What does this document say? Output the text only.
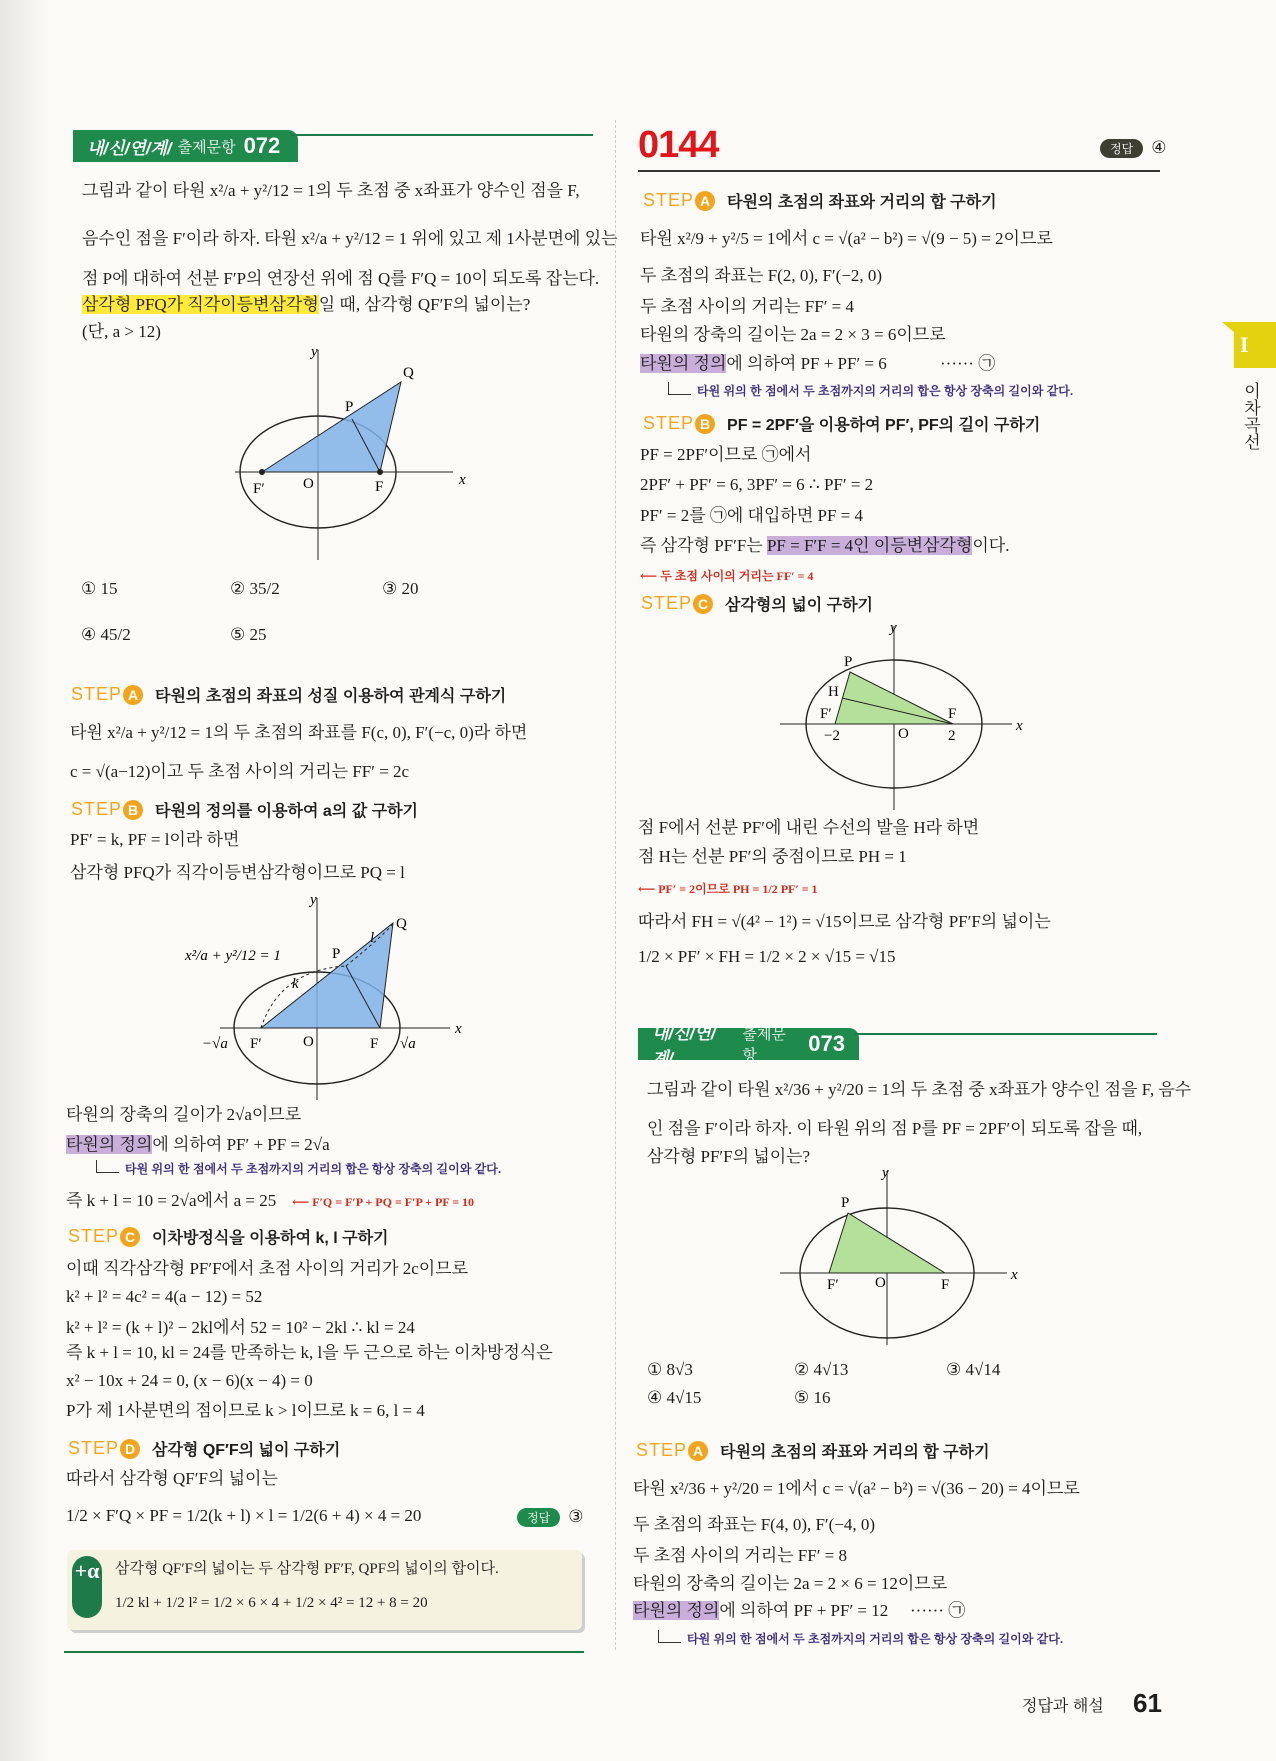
내/신/연/계/ 출제문항 072
그림과 같이 타원 x²/a + y²/12 = 1의 두 초점 중 x좌표가 양수인 점을 F,
음수인 점을 F′이라 하자. 타원 x²/a + y²/12 = 1 위에 있고 제 1사분면에 있는
점 P에 대하여 선분 F′P의 연장선 위에 점 Q를 F′Q = 10이 되도록 잡는다.
삼각형 PFQ가 직각이등변삼각형일 때, 삼각형 QF′F의 넓이는?
(단, a > 12)
y
x
P
Q
F
F′	O
① 15	② 35/2	③ 20
④ 45/2	⑤ 25
STEP A	타원의 초점의 좌표의 성질 이용하여 관계식 구하기
타원 x²/a + y²/12 = 1의 두 초점의 좌표를 F(c, 0), F′(−c, 0)라 하면
c = √(a−12)이고 두 초점 사이의 거리는 FF′ = 2c
STEP B	타원의 정의를 이용하여 a의 값 구하기
PF′ = k, PF = l이라 하면
삼각형 PFQ가 직각이등변삼각형이므로 PQ = l
x²/a + y²/12 = 1
y
x
P
Q
F
F′	O
k
l
−√a	√a
타원의 장축의 길이가 2√a이므로
타원의 정의에 의하여 PF′ + PF = 2√a
타원 위의 한 점에서 두 초점까지의 거리의 합은 항상 장축의 길이와 같다.
즉 k + l = 10 = 2√a에서 a = 25 ⟵ F′Q = F′P + PQ = F′P + PF = 10
STEP C	이차방정식을 이용하여 k, l 구하기
이때 직각삼각형 PF′F에서 초점 사이의 거리가 2c이므로
k² + l² = 4c² = 4(a − 12) = 52
k² + l² = (k + l)² − 2kl에서 52 = 10² − 2kl ∴ kl = 24
즉 k + l = 10, kl = 24를 만족하는 k, l을 두 근으로 하는 이차방정식은
x² − 10x + 24 = 0, (x − 6)(x − 4) = 0
P가 제 1사분면의 점이므로 k > l이므로 k = 6, l = 4
STEP D	삼각형 QF′F의 넓이 구하기
따라서 삼각형 QF′F의 넓이는
1/2 × F′Q × PF = 1/2(k + l) × l = 1/2(6 + 4) × 4 = 20	정답	③
+α 삼각형 QF′F의 넓이는 두 삼각형 PF′F, QPF의 넓이의 합이다.
1/2 kl + 1/2 l² = 1/2 × 6 × 4 + 1/2 × 4² = 12 + 8 = 20
0144	정답	④
STEP A	타원의 초점의 좌표와 거리의 합 구하기
타원 x²/9 + y²/5 = 1에서 c = √(a² − b²) = √(9 − 5) = 2이므로
두 초점의 좌표는 F(2, 0), F′(−2, 0)
두 초점 사이의 거리는 FF′ = 4
타원의 장축의 길이는 2a = 2 × 3 = 6이므로
타원의 정의에 의하여 PF + PF′ = 6	······ ㉠
타원 위의 한 점에서 두 초점까지의 거리의 합은 항상 장축의 길이와 같다.
STEP B	PF = 2PF′을 이용하여 PF′, PF의 길이 구하기
PF = 2PF′이므로 ㉠에서
2PF′ + PF′ = 6, 3PF′ = 6 ∴ PF′ = 2
PF′ = 2를 ㉠에 대입하면 PF = 4
즉 삼각형 PF′F는 PF = F′F = 4인 이등변삼각형이다.
⟵ 두 초점 사이의 거리는 FF′ = 4
STEP C	삼각형의 넓이 구하기
y
x
P
H
F
F′
O
−2	2
점 F에서 선분 PF′에 내린 수선의 발을 H라 하면
점 H는 선분 PF′의 중점이므로 PH = 1
⟵ PF′ = 2이므로 PH = 1/2 PF′ = 1
따라서 FH = √(4² − 1²) = √15이므로 삼각형 PF′F의 넓이는
1/2 × PF′ × FH = 1/2 × 2 × √15 = √15
내/신/연/계/
출제문항	073
그림과 같이 타원 x²/36 + y²/20 = 1의 두 초점 중 x좌표가 양수인 점을 F, 음수
인 점을 F′이라 하자. 이 타원 위의 점 P를 PF = 2PF′이 되도록 잡을 때,
삼각형 PF′F의 넓이는?
y
x
P
F
F′ O
① 8√3	② 4√13	③ 4√14
④ 4√15	⑤ 16
STEP A	타원의 초점의 좌표와 거리의 합 구하기
타원 x²/36 + y²/20 = 1에서 c = √(a² − b²) = √(36 − 20) = 4이므로
두 초점의 좌표는 F(4, 0), F′(−4, 0)
두 초점 사이의 거리는 FF′ = 8
타원의 장축의 길이는 2a = 2 × 6 = 12이므로
타원의 정의에 의하여 PF + PF′ = 12 ······ ㉠
타원 위의 한 점에서 두 초점까지의 거리의 합은 항상 장축의 길이와 같다.
I
이차곡선
정답과 해설 61
